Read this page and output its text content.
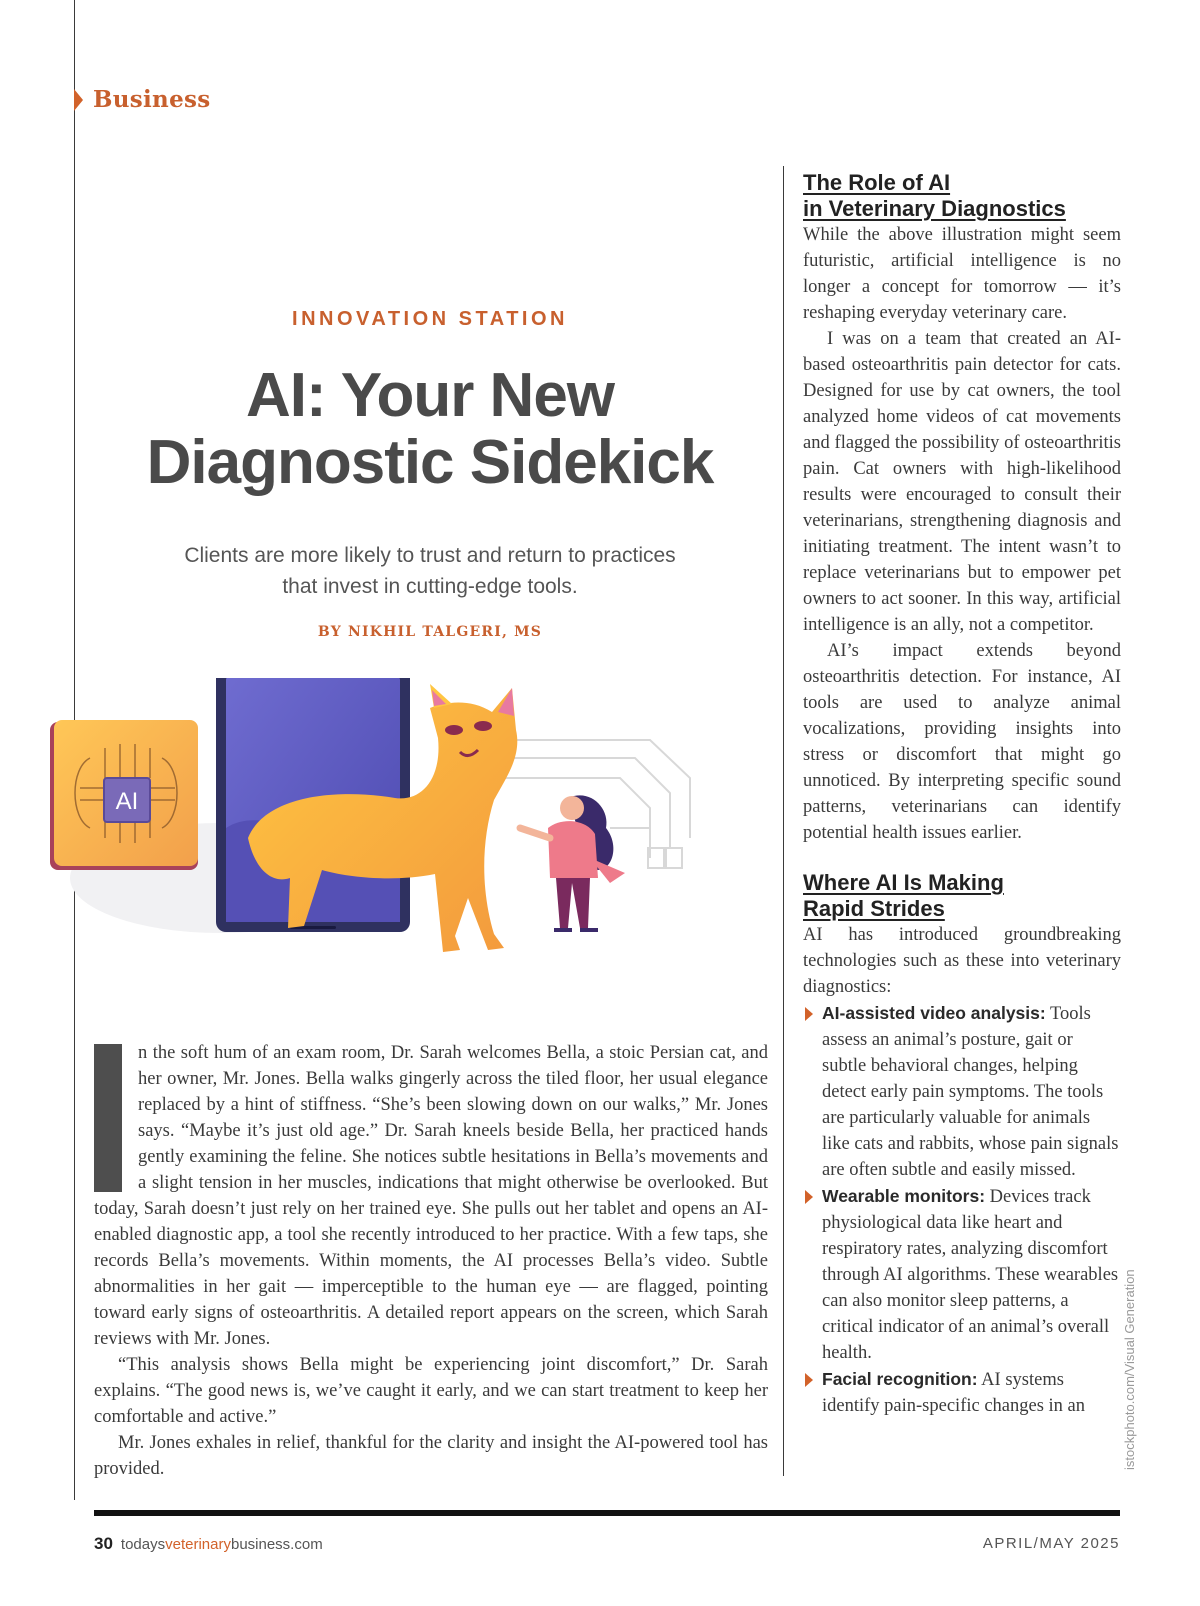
Business
INNOVATION STATION
AI: Your New
Diagnostic Sidekick
Clients are more likely to trust and return to practices
that invest in cutting-edge tools.
BY NIKHIL TALGERI, MS
AI

n the soft hum of an exam room, Dr. Sarah welcomes Bella, a stoic Persian cat, and her owner, Mr. Jones. Bella walks gingerly across the tiled floor, her usual elegance replaced by a hint of stiffness. “She’s been slowing down on our walks,” Mr. Jones says. “Maybe it’s just old age.” Dr. Sarah kneels beside Bella, her practiced hands gently examining the feline. She notices subtle hesitations in Bella’s movements and a slight tension in her muscles, indications that might otherwise be overlooked. But today, Sarah doesn’t just rely on her trained eye. She pulls out her tablet and opens an AI-enabled diagnostic app, a tool she recently introduced to her practice. With a few taps, she records Bella’s movements. Within moments, the AI processes Bella’s video. Subtle abnormalities in her gait — imperceptible to the human eye — are flagged, pointing toward early signs of osteoarthritis. A detailed report appears on the screen, which Sarah reviews with Mr. Jones.

“This analysis shows Bella might be experiencing joint discomfort,” Dr. Sarah explains. “The good news is, we’ve caught it early, and we can start treatment to keep her comfortable and active.”

Mr. Jones exhales in relief, thankful for the clarity and insight the AI-powered tool has provided.

The Role of AI
in Veterinary Diagnostics

While the above illustration might seem futuristic, artificial intelligence is no longer a concept for tomorrow — it’s reshaping everyday veterinary care.

I was on a team that created an AI-based osteoarthritis pain detector for cats. Designed for use by cat owners, the tool analyzed home videos of cat movements and flagged the possibility of osteoarthritis pain. Cat owners with high-likelihood results were encouraged to consult their veterinarians, strengthening diagnosis and initiating treatment. The intent wasn’t to replace veterinarians but to empower pet owners to act sooner. In this way, artificial intelligence is an ally, not a competitor.

AI’s impact extends beyond osteoarthritis detection. For instance, AI tools are used to analyze animal vocalizations, providing insights into stress or discomfort that might go unnoticed. By interpreting specific sound patterns, veterinarians can identify potential health issues earlier.

Where AI Is Making
Rapid Strides

AI has introduced groundbreaking technologies such as these into veterinary diagnostics:

AI-assisted video analysis: Tools assess an animal’s posture, gait or subtle behavioral changes, helping detect early pain symptoms. The tools are particularly valuable for animals like cats and rabbits, whose pain signals are often subtle and easily missed.
Wearable monitors: Devices track physiological data like heart and respiratory rates, analyzing discomfort through AI algorithms. These wearables can also monitor sleep patterns, a critical indicator of an animal’s overall health.
Facial recognition: AI systems identify pain-specific changes in an	istockphoto.com/Visual Generation
30 todaysveterinarybusiness.com	APRIL/MAY 2025
